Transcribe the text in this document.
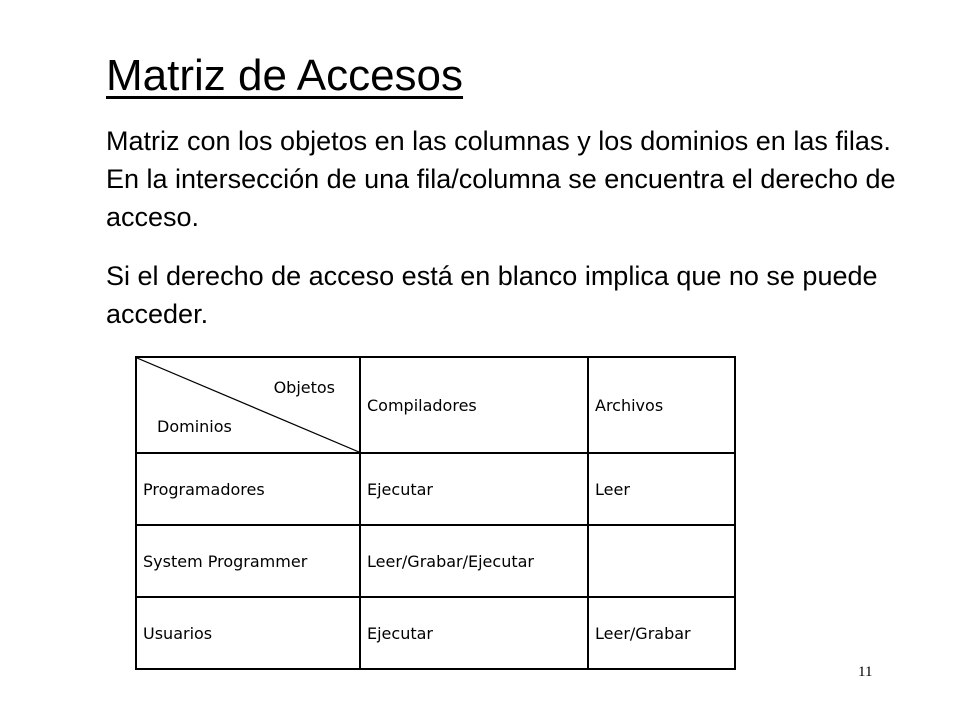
Matriz de Accesos

Matriz con los objetos en las columnas y los dominios en las filas. En la intersección de una fila/columna se encuentra el derecho de acceso.

Si el derecho de acceso está en blanco implica que no se puede acceder.

Objetos
Dominios	Compiladores	Archivos
Programadores	Ejecutar	Leer
System Programmer	Leer/Grabar/Ejecutar	
Usuarios	Ejecutar	Leer/Grabar
11
